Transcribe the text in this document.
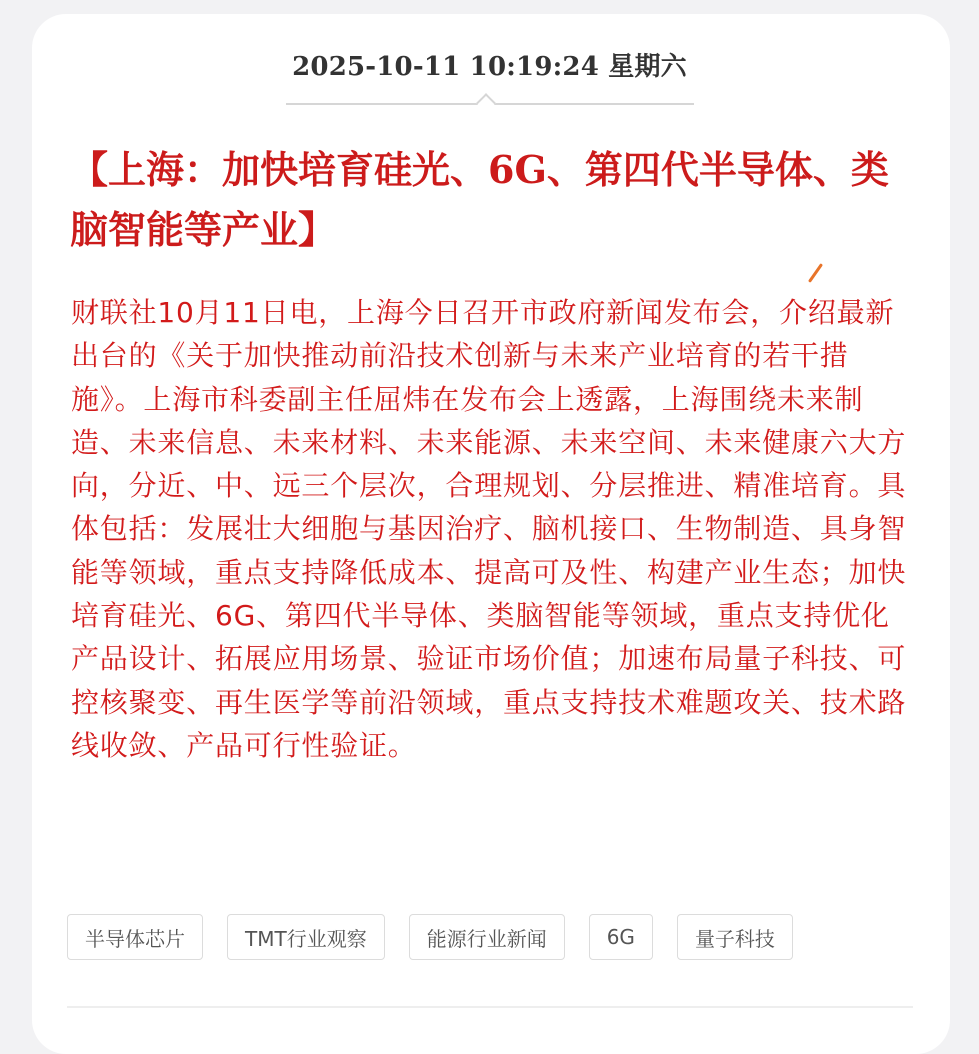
2025-10-11 10:19:24 星期六
【上海：加快培育硅光、6G、第四代半导体、类脑智能等产业】

财联社10月11日电，上海今日召开市政府新闻发布会，介绍最新出台的《关于加快推动前沿技术创新与未来产业培育的若干措施》。上海市科委副主任屈炜在发布会上透露，上海围绕未来制造、未来信息、未来材料、未来能源、未来空间、未来健康六大方向，分近、中、远三个层次，合理规划、分层推进、精准培育。具体包括：发展壮大细胞与基因治疗、脑机接口、生物制造、具身智能等领域，重点支持降低成本、提高可及性、构建产业生态；加快培育硅光、6G、第四代半导体、类脑智能等领域，重点支持优化产品设计、拓展应用场景、验证市场价值；加速布局量子科技、可控核聚变、再生医学等前沿领域，重点支持技术难题攻关、技术路线收敛、产品可行性验证。

半导体芯片	TMT行业观察	能源行业新闻	6G	量子科技
